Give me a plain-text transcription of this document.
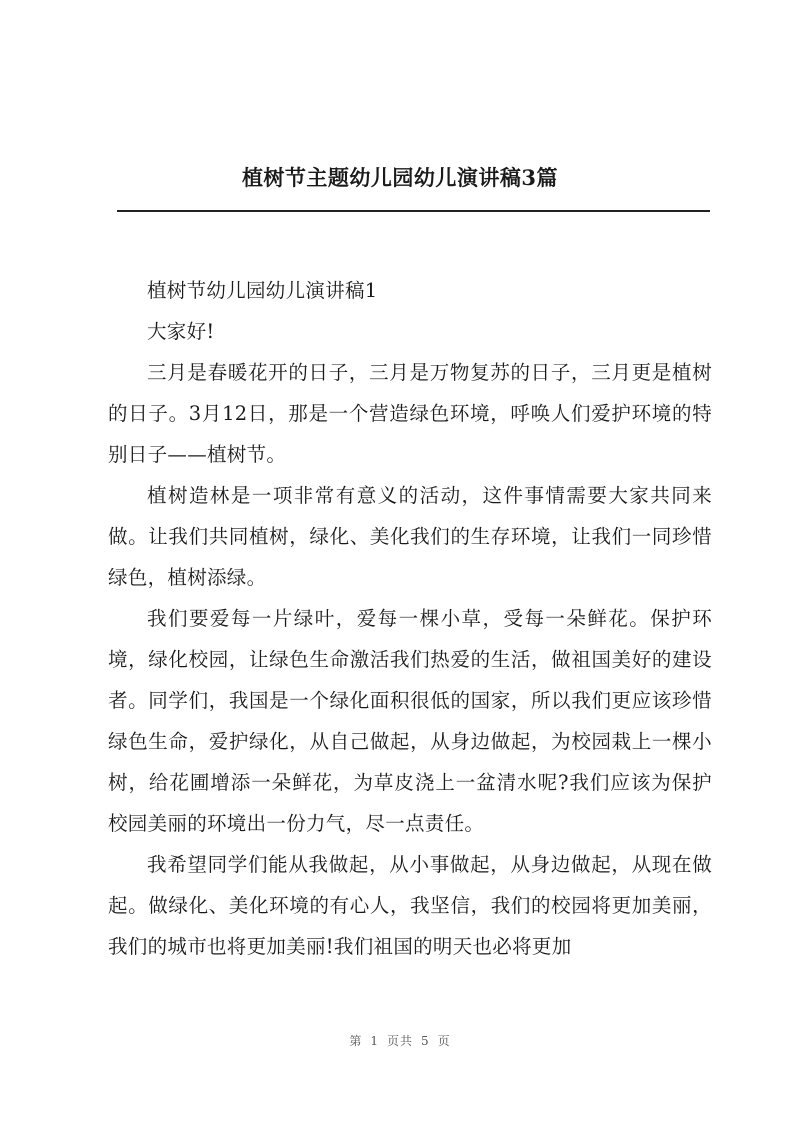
植树节主题幼儿园幼儿演讲稿3篇

植树节幼儿园幼儿演讲稿1

大家好!

三月是春暖花开的日子，三月是万物复苏的日子，三月更是植树的日子。3月12日，那是一个营造绿色环境，呼唤人们爱护环境的特别日子——植树节。

植树造林是一项非常有意义的活动，这件事情需要大家共同来做。让我们共同植树，绿化、美化我们的生存环境，让我们一同珍惜绿色，植树添绿。

我们要爱每一片绿叶，爱每一棵小草，受每一朵鲜花。保护环境，绿化校园，让绿色生命激活我们热爱的生活，做祖国美好的建设者。同学们，我国是一个绿化面积很低的国家，所以我们更应该珍惜绿色生命，爱护绿化，从自己做起，从身边做起，为校园栽上一棵小树，给花圃增添一朵鲜花，为草皮浇上一盆清水呢?我们应该为保护校园美丽的环境出一份力气，尽一点责任。

我希望同学们能从我做起，从小事做起，从身边做起，从现在做起。做绿化、美化环境的有心人，我坚信，我们的校园将更加美丽，我们的城市也将更加美丽!我们祖国的明天也必将更加

第 1 页共 5 页
